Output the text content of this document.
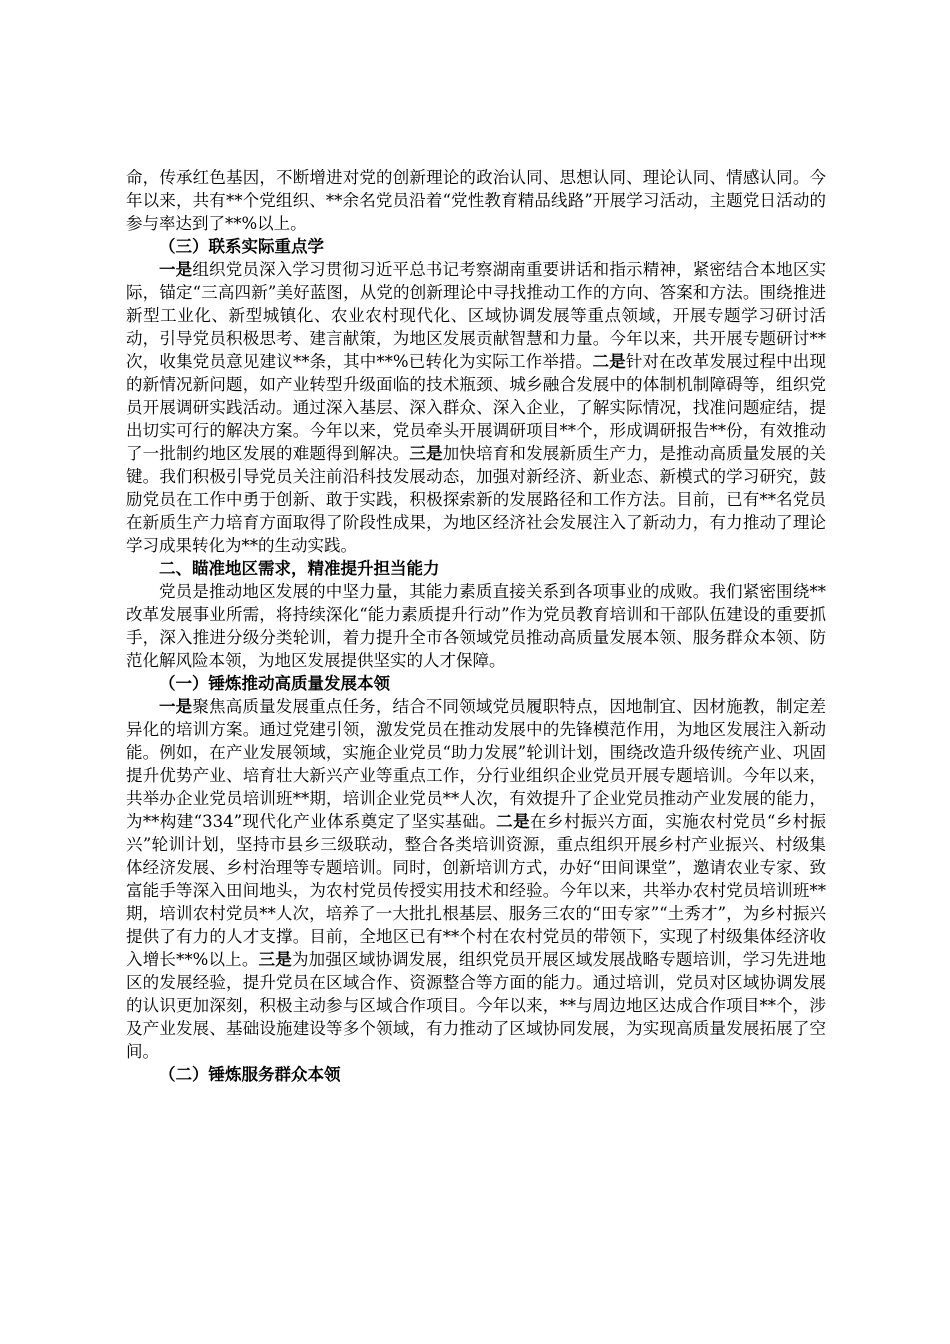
命，传承红色基因，不断增进对党的创新理论的政治认同、思想认同、理论认同、情感认同。今年以来，共有**个党组织、**余名党员沿着“党性教育精品线路”开展学习活动，主题党日活动的参与率达到了**%以上。

（三）联系实际重点学

一是组织党员深入学习贯彻习近平总书记考察湖南重要讲话和指示精神，紧密结合本地区实际，锚定“三高四新”美好蓝图，从党的创新理论中寻找推动工作的方向、答案和方法。围绕推进新型工业化、新型城镇化、农业农村现代化、区域协调发展等重点领域，开展专题学习研讨活动，引导党员积极思考、建言献策，为地区发展贡献智慧和力量。今年以来，共开展专题研讨**次，收集党员意见建议**条，其中**%已转化为实际工作举措。二是针对在改革发展过程中出现的新情况新问题，如产业转型升级面临的技术瓶颈、城乡融合发展中的体制机制障碍等，组织党员开展调研实践活动。通过深入基层、深入群众、深入企业，了解实际情况，找准问题症结，提出切实可行的解决方案。今年以来，党员牵头开展调研项目**个，形成调研报告**份，有效推动了一批制约地区发展的难题得到解决。三是加快培育和发展新质生产力，是推动高质量发展的关键。我们积极引导党员关注前沿科技发展动态，加强对新经济、新业态、新模式的学习研究，鼓励党员在工作中勇于创新、敢于实践，积极探索新的发展路径和工作方法。目前，已有**名党员在新质生产力培育方面取得了阶段性成果，为地区经济社会发展注入了新动力，有力推动了理论学习成果转化为**的生动实践。

二、瞄准地区需求，精准提升担当能力

党员是推动地区发展的中坚力量，其能力素质直接关系到各项事业的成败。我们紧密围绕**改革发展事业所需，将持续深化“能力素质提升行动”作为党员教育培训和干部队伍建设的重要抓手，深入推进分级分类轮训，着力提升全市各领域党员推动高质量发展本领、服务群众本领、防范化解风险本领，为地区发展提供坚实的人才保障。

（一）锤炼推动高质量发展本领

一是聚焦高质量发展重点任务，结合不同领域党员履职特点，因地制宜、因材施教，制定差异化的培训方案。通过党建引领，激发党员在推动发展中的先锋模范作用，为地区发展注入新动能。例如，在产业发展领域，实施企业党员“助力发展”轮训计划，围绕改造升级传统产业、巩固提升优势产业、培育壮大新兴产业等重点工作，分行业组织企业党员开展专题培训。今年以来，共举办企业党员培训班**期，培训企业党员**人次，有效提升了企业党员推动产业发展的能力，为**构建“334”现代化产业体系奠定了坚实基础。二是在乡村振兴方面，实施农村党员“乡村振兴”轮训计划，坚持市县乡三级联动，整合各类培训资源，重点组织开展乡村产业振兴、村级集体经济发展、乡村治理等专题培训。同时，创新培训方式，办好“田间课堂”，邀请农业专家、致富能手等深入田间地头，为农村党员传授实用技术和经验。今年以来，共举办农村党员培训班**期，培训农村党员**人次，培养了一大批扎根基层、服务三农的“田专家”“土秀才”，为乡村振兴提供了有力的人才支撑。目前，全地区已有**个村在农村党员的带领下，实现了村级集体经济收入增长**%以上。三是为加强区域协调发展，组织党员开展区域发展战略专题培训，学习先进地区的发展经验，提升党员在区域合作、资源整合等方面的能力。通过培训，党员对区域协调发展的认识更加深刻，积极主动参与区域合作项目。今年以来，**与周边地区达成合作项目**个，涉及产业发展、基础设施建设等多个领域，有力推动了区域协同发展，为实现高质量发展拓展了空间。

（二）锤炼服务群众本领
